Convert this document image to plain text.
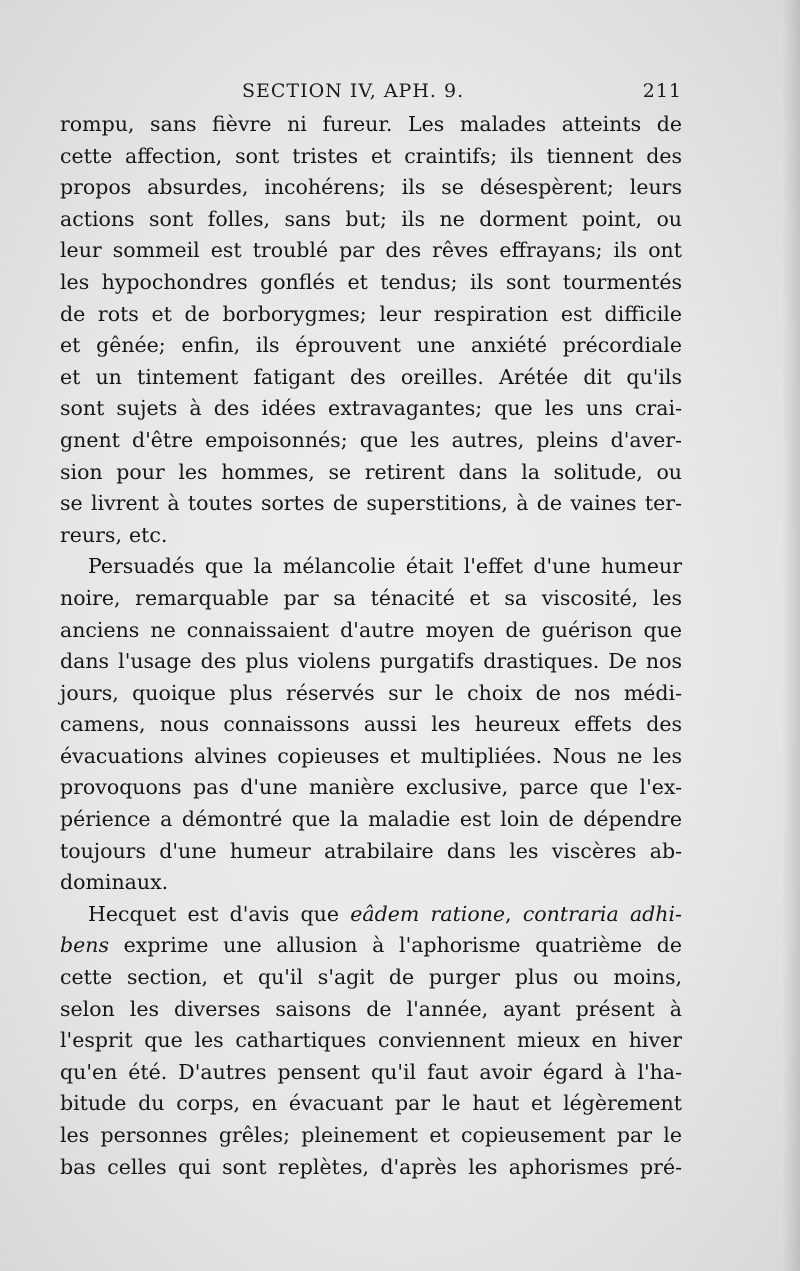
SECTION IV, APH. 9.	211
rompu, sans fièvre ni fureur. Les malades atteints de
cette affection, sont tristes et craintifs; ils tiennent des
propos absurdes, incohérens; ils se désespèrent; leurs
actions sont folles, sans but; ils ne dorment point, ou
leur sommeil est troublé par des rêves effrayans; ils ont
les hypochondres gonflés et tendus; ils sont tourmentés
de rots et de borborygmes; leur respiration est difficile
et gênée; enfin, ils éprouvent une anxiété précordiale
et un tintement fatigant des oreilles. Arétée dit qu'ils
sont sujets à des idées extravagantes; que les uns crai-
gnent d'être empoisonnés; que les autres, pleins d'aver-
sion pour les hommes, se retirent dans la solitude, ou
se livrent à toutes sortes de superstitions, à de vaines ter-
reurs, etc.
Persuadés que la mélancolie était l'effet d'une humeur
noire, remarquable par sa ténacité et sa viscosité, les
anciens ne connaissaient d'autre moyen de guérison que
dans l'usage des plus violens purgatifs drastiques. De nos
jours, quoique plus réservés sur le choix de nos médi-
camens, nous connaissons aussi les heureux effets des
évacuations alvines copieuses et multipliées. Nous ne les
provoquons pas d'une manière exclusive, parce que l'ex-
périence a démontré que la maladie est loin de dépendre
toujours d'une humeur atrabilaire dans les viscères ab-
dominaux.
Hecquet est d'avis que eâdem ratione, contraria adhi-
bens exprime une allusion à l'aphorisme quatrième de
cette section, et qu'il s'agit de purger plus ou moins,
selon les diverses saisons de l'année, ayant présent à
l'esprit que les cathartiques conviennent mieux en hiver
qu'en été. D'autres pensent qu'il faut avoir égard à l'ha-
bitude du corps, en évacuant par le haut et légèrement
les personnes grêles; pleinement et copieusement par le
bas celles qui sont replètes, d'après les aphorismes pré-
